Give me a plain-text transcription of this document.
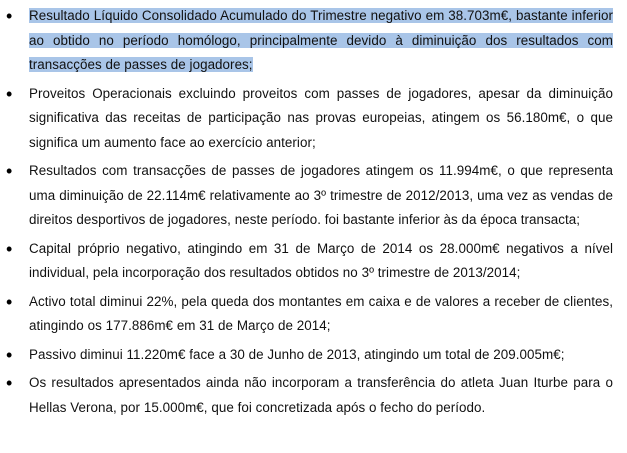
• Resultado Líquido Consolidado Acumulado do Trimestre negativo em 38.703m€, bastante inferior ao obtido no período homólogo, principalmente devido à diminuição dos resultados com transacções de passes de jogadores;
• Proveitos Operacionais excluindo proveitos com passes de jogadores, apesar da diminuição significativa das receitas de participação nas provas europeias, atingem os 56.180m€, o que significa um aumento face ao exercício anterior;
• Resultados com transacções de passes de jogadores atingem os 11.994m€, o que representa uma diminuição de 22.114m€ relativamente ao 3º trimestre de 2012/2013, uma vez as vendas de direitos desportivos de jogadores, neste período. foi bastante inferior às da época transacta;
• Capital próprio negativo, atingindo em 31 de Março de 2014 os 28.000m€ negativos a nível individual, pela incorporação dos resultados obtidos no 3º trimestre de 2013/2014;
• Activo total diminui 22%, pela queda dos montantes em caixa e de valores a receber de clientes, atingindo os 177.886m€ em 31 de Março de 2014;
• Passivo diminui 11.220m€ face a 30 de Junho de 2013, atingindo um total de 209.005m€;
• Os resultados apresentados ainda não incorporam a transferência do atleta Juan Iturbe para o Hellas Verona, por 15.000m€, que foi concretizada após o fecho do período.
